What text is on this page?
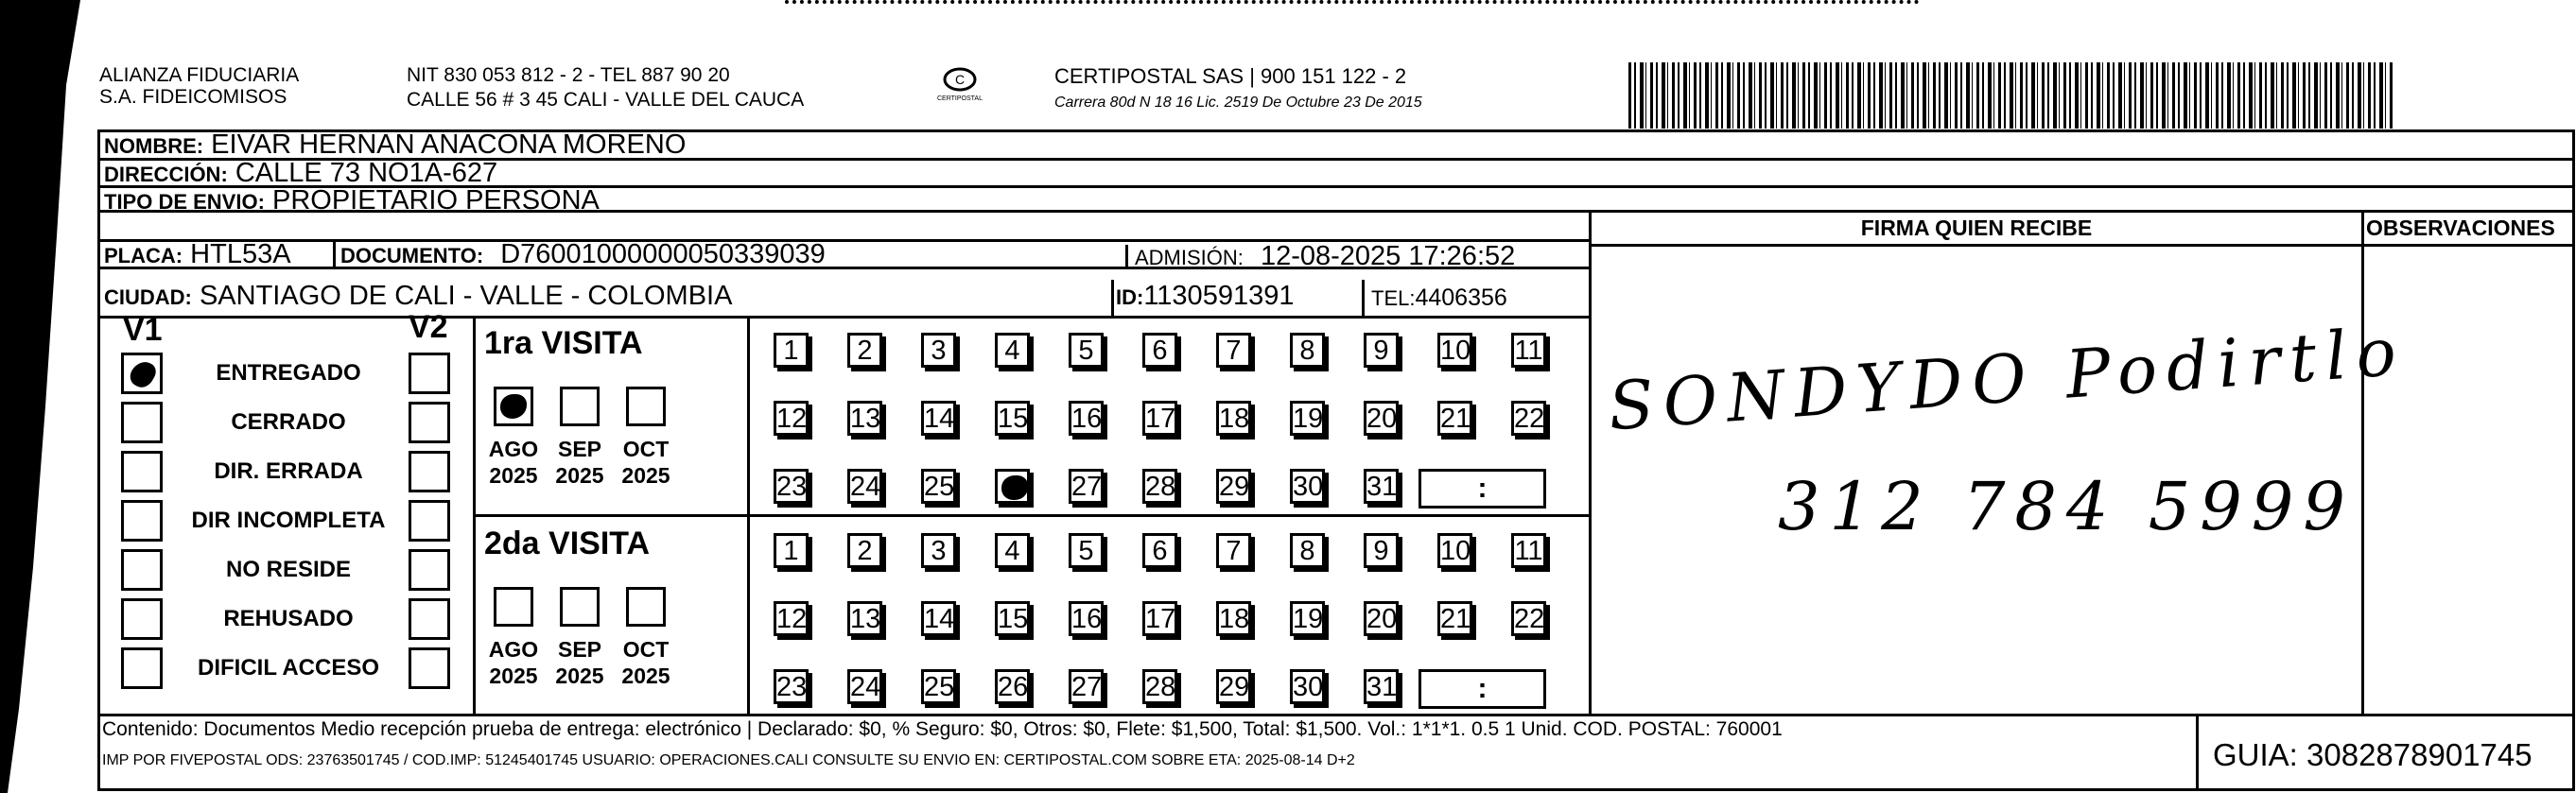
ALIANZA FIDUCIARIA
S.A. FIDEICOMISOS
NIT 830 053 812 - 2 - TEL 887 90 20
CALLE 56 # 3 45 CALI - VALLE DEL CAUCA
C
CERTIPOSTAL
CERTIPOSTAL SAS | 900 151 122 - 2
Carrera 80d N 18 16 Lic. 2519 De Octubre 23 De 2015
NOMBRE: EIVAR HERNAN ANACONA MORENO
DIRECCIÓN: CALLE 73 NO1A-627
TIPO DE ENVIO: PROPIETARIO PERSONA
PLACA: HTL53A DOCUMENTO: D76001000000050339039	ADMISIÓN: 12-08-2025 17:26:52
CIUDAD: SANTIAGO DE CALI - VALLE - COLOMBIA	ID:1130591391	TEL:4406356
FIRMA QUIEN RECIBE	OBSERVACIONES
SONDYDO Podirtlo
312 784 5999
V1	V2
ENTREGADO
CERRADO
DIR. ERRADA
DIR INCOMPLETA
NO RESIDE
REHUSADO
DIFICIL ACCESO
1ra VISITA
AGO
2025
SEP
2025
OCT
2025
1	2	3	4	5	6	7	8	9	10 11
12 13 14 15 16 17 18 19 20 21 22
23 24 25	27 28 29 30 31	:
2da VISITA
AGO
2025
SEP
2025
OCT
2025
1	2	3	4	5	6	7	8	9	10 11
12 13 14 15 16 17 18 19 20 21 22
23 24 25 26 27 28 29 30 31	:
Contenido: Documentos Medio recepción prueba de entrega: electrónico | Declarado: $0, % Seguro: $0, Otros: $0, Flete: $1,500, Total: $1,500. Vol.: 1*1*1. 0.5 1 Unid. COD. POSTAL: 760001
IMP POR FIVEPOSTAL ODS: 23763501745 / COD.IMP: 51245401745 USUARIO: OPERACIONES.CALI CONSULTE SU ENVIO EN: CERTIPOSTAL.COM SOBRE ETA: 2025-08-14 D+2	GUIA: 3082878901745
